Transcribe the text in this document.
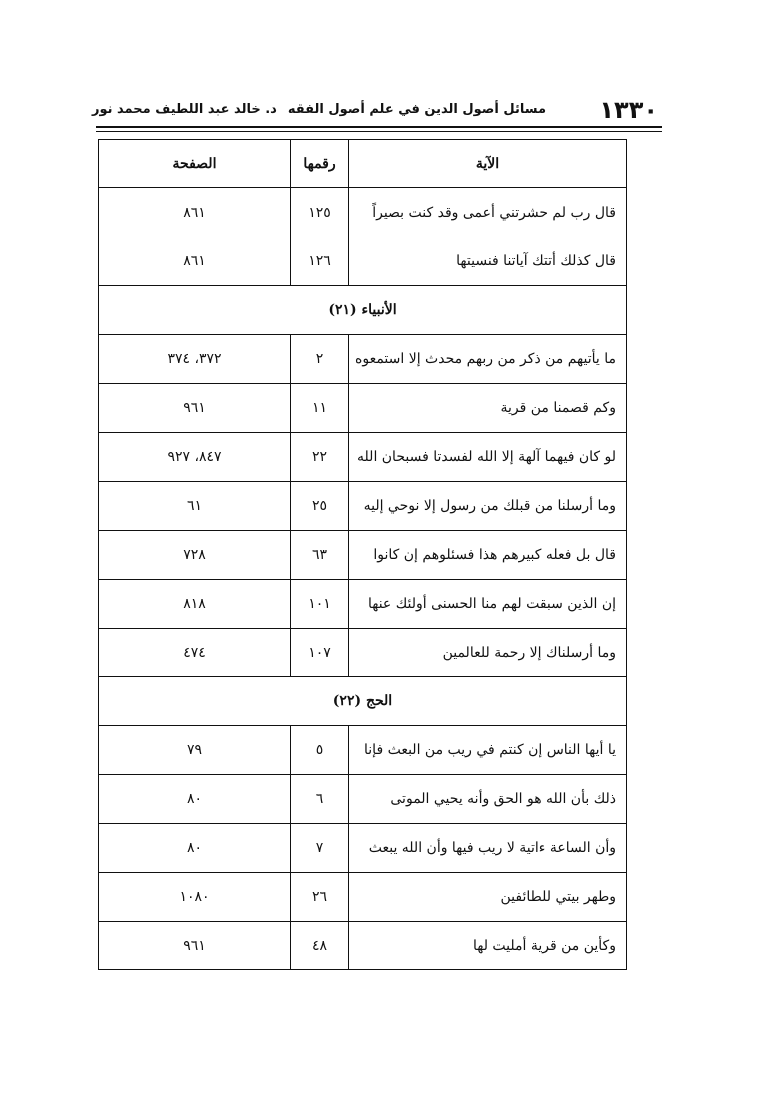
١٣٣٠
مسائل أصول الدين في علم أصول الفقه
د. خالد عبد اللطيف محمد نور
الآية	رقمها	الصفحة
قال رب لم حشرتني أعمى وقد كنت بصيراً	١٢٥	٨٦١
قال كذلك أتتك آياتنا فنسيتها	١٢٦	٨٦١
الأنبياء (٢١)		
ما يأتيهم من ذكر من ربهم محدث إلا استمعوه	٢	٣٧٢، ٣٧٤
وكم قصمنا من قرية	١١	٩٦١
لو كان فيهما آلهة إلا الله لفسدتا فسبحان الله	٢٢	٨٤٧، ٩٢٧
وما أرسلنا من قبلك من رسول إلا نوحي إليه	٢٥	٦١
قال بل فعله كبيرهم هذا فسئلوهم إن كانوا	٦٣	٧٢٨
إن الذين سبقت لهم منا الحسنى أولئك عنها	١٠١	٨١٨
وما أرسلناك إلا رحمة للعالمين	١٠٧	٤٧٤
الحج (٢٢)		
يا أيها الناس إن كنتم في ريب من البعث فإنا	٥	٧٩
ذلك بأن الله هو الحق وأنه يحيي الموتى	٦	٨٠
وأن الساعة ءاتية لا ريب فيها وأن الله يبعث	٧	٨٠
وطهر بيتي للطائفين	٢٦	١٠٨٠
وكأين من قرية أمليت لها	٤٨	٩٦١
